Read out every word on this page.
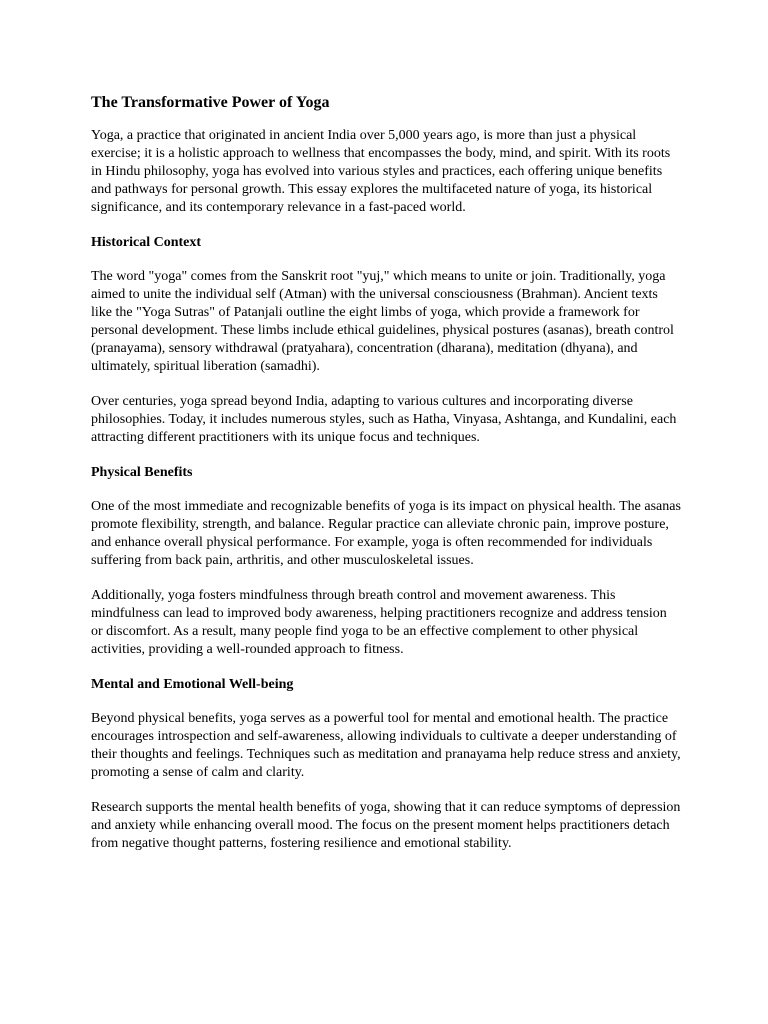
The Transformative Power of Yoga

Yoga, a practice that originated in ancient India over 5,000 years ago, is more than just a physical exercise; it is a holistic approach to wellness that encompasses the body, mind, and spirit. With its roots in Hindu philosophy, yoga has evolved into various styles and practices, each offering unique benefits and pathways for personal growth. This essay explores the multifaceted nature of yoga, its historical significance, and its contemporary relevance in a fast-paced world.

Historical Context

The word "yoga" comes from the Sanskrit root "yuj," which means to unite or join. Traditionally, yoga aimed to unite the individual self (Atman) with the universal consciousness (Brahman). Ancient texts like the "Yoga Sutras" of Patanjali outline the eight limbs of yoga, which provide a framework for personal development. These limbs include ethical guidelines, physical postures (asanas), breath control (pranayama), sensory withdrawal (pratyahara), concentration (dharana), meditation (dhyana), and ultimately, spiritual liberation (samadhi).

Over centuries, yoga spread beyond India, adapting to various cultures and incorporating diverse philosophies. Today, it includes numerous styles, such as Hatha, Vinyasa, Ashtanga, and Kundalini, each attracting different practitioners with its unique focus and techniques.

Physical Benefits

One of the most immediate and recognizable benefits of yoga is its impact on physical health. The asanas promote flexibility, strength, and balance. Regular practice can alleviate chronic pain, improve posture, and enhance overall physical performance. For example, yoga is often recommended for individuals suffering from back pain, arthritis, and other musculoskeletal issues.

Additionally, yoga fosters mindfulness through breath control and movement awareness. This mindfulness can lead to improved body awareness, helping practitioners recognize and address tension or discomfort. As a result, many people find yoga to be an effective complement to other physical activities, providing a well-rounded approach to fitness.

Mental and Emotional Well-being

Beyond physical benefits, yoga serves as a powerful tool for mental and emotional health. The practice encourages introspection and self-awareness, allowing individuals to cultivate a deeper understanding of their thoughts and feelings. Techniques such as meditation and pranayama help reduce stress and anxiety, promoting a sense of calm and clarity.

Research supports the mental health benefits of yoga, showing that it can reduce symptoms of depression and anxiety while enhancing overall mood. The focus on the present moment helps practitioners detach from negative thought patterns, fostering resilience and emotional stability.
